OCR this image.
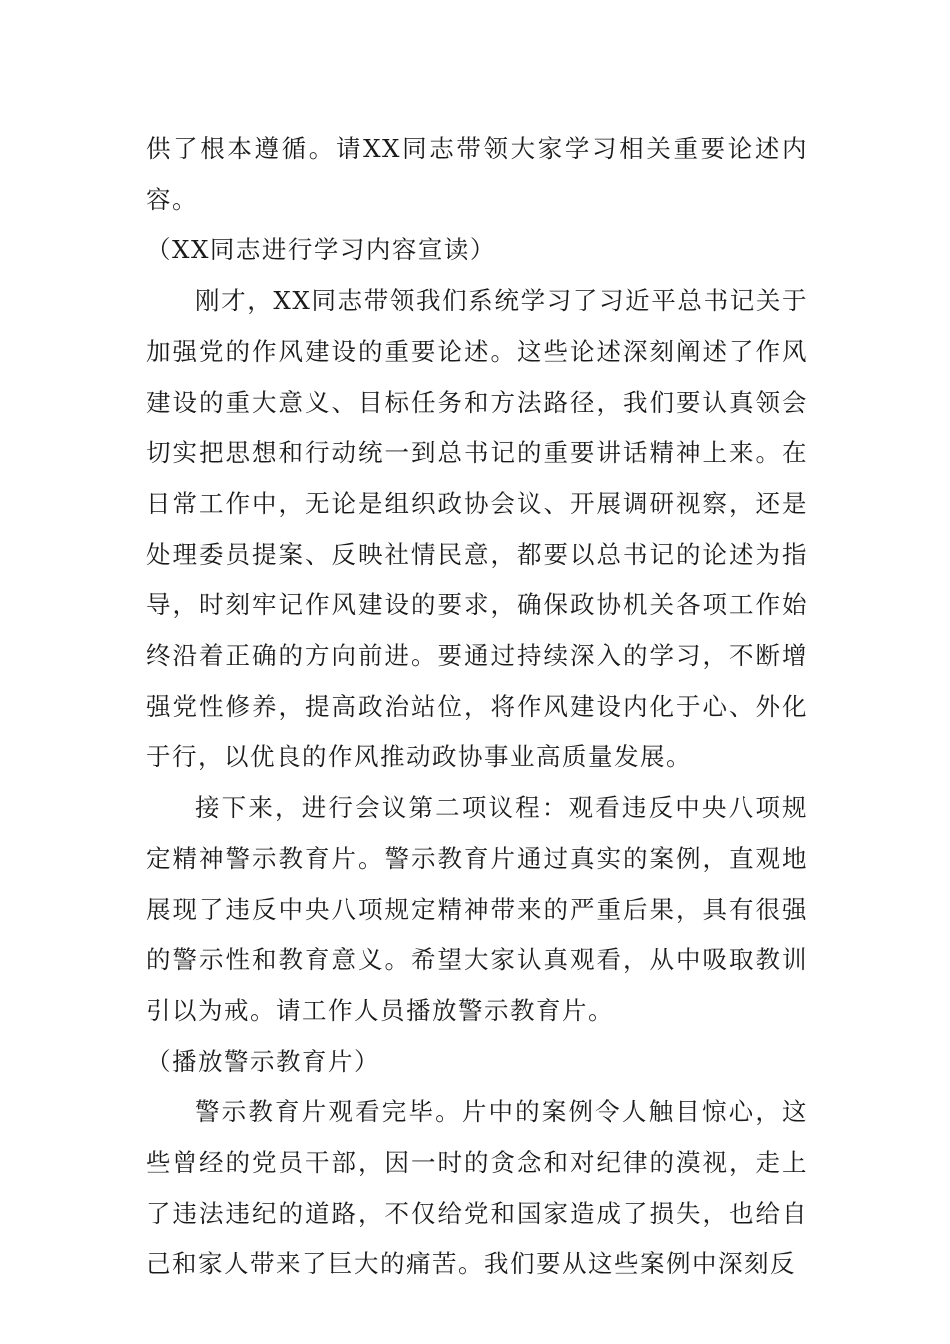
供了根本遵循。请XX同志带领大家学习相关重要论述内容。

（XX同志进行学习内容宣读）

刚才，XX同志带领我们系统学习了习近平总书记关于加强党的作风建设的重要论述。这些论述深刻阐述了作风建设的重大意义、目标任务和方法路径，我们要认真领会切实把思想和行动统一到总书记的重要讲话精神上来。在日常工作中，无论是组织政协会议、开展调研视察，还是处理委员提案、反映社情民意，都要以总书记的论述为指导，时刻牢记作风建设的要求，确保政协机关各项工作始终沿着正确的方向前进。要通过持续深入的学习，不断增强党性修养，提高政治站位，将作风建设内化于心、外化于行，以优良的作风推动政协事业高质量发展。

接下来，进行会议第二项议程：观看违反中央八项规定精神警示教育片。警示教育片通过真实的案例，直观地展现了违反中央八项规定精神带来的严重后果，具有很强的警示性和教育意义。希望大家认真观看，从中吸取教训引以为戒。请工作人员播放警示教育片。

（播放警示教育片）

警示教育片观看完毕。片中的案例令人触目惊心，这些曾经的党员干部，因一时的贪念和对纪律的漠视，走上了违法违纪的道路，不仅给党和国家造成了损失，也给自己和家人带来了巨大的痛苦。我们要从这些案例中深刻反
